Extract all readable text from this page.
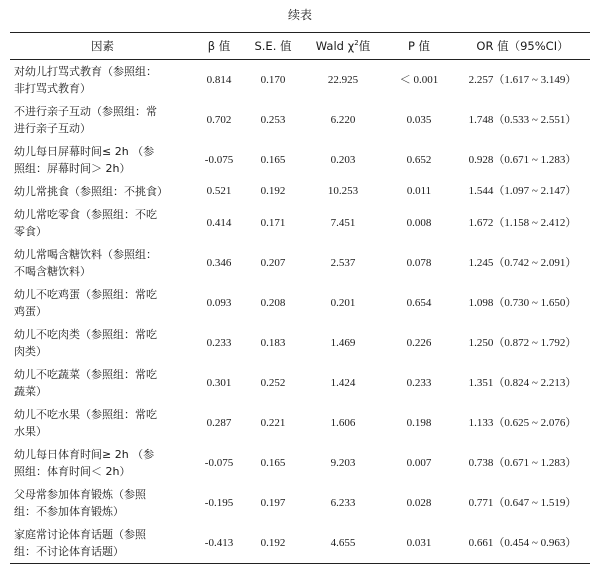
续表
因素	β 值	S.E. 值	Wald $\chi^2$值	P 值	OR 值（95%CI）
对幼儿打骂式教育（参照组：
非打骂式教育）	0.814	0.170	22.925	＜ 0.001	2.257（1.617 ~ 3.149）
不进行亲子互动（参照组：常
进行亲子互动）	0.702	0.253	6.220	0.035	1.748（0.533 ~ 2.551）
幼儿每日屏幕时间≤ 2h （参
照组：屏幕时间＞ 2h）	-0.075	0.165	0.203	0.652	0.928（0.671 ~ 1.283）
幼儿常挑食（参照组：不挑食）	0.521	0.192	10.253	0.011	1.544（1.097 ~ 2.147）
幼儿常吃零食（参照组：不吃
零食）	0.414	0.171	7.451	0.008	1.672（1.158 ~ 2.412）
幼儿常喝含糖饮料（参照组：
不喝含糖饮料）	0.346	0.207	2.537	0.078	1.245（0.742 ~ 2.091）
幼儿不吃鸡蛋（参照组：常吃
鸡蛋）	0.093	0.208	0.201	0.654	1.098（0.730 ~ 1.650）
幼儿不吃肉类（参照组：常吃
肉类）	0.233	0.183	1.469	0.226	1.250（0.872 ~ 1.792）
幼儿不吃蔬菜（参照组：常吃
蔬菜）	0.301	0.252	1.424	0.233	1.351（0.824 ~ 2.213）
幼儿不吃水果（参照组：常吃
水果）	0.287	0.221	1.606	0.198	1.133（0.625 ~ 2.076）
幼儿每日体育时间≥ 2h （参
照组：体育时间＜ 2h）	-0.075	0.165	9.203	0.007	0.738（0.671 ~ 1.283）
父母常参加体育锻炼（参照
组：不参加体育锻炼）	-0.195	0.197	6.233	0.028	0.771（0.647 ~ 1.519）
家庭常讨论体育话题（参照
组：不讨论体育话题）	-0.413	0.192	4.655	0.031	0.661（0.454 ~ 0.963）
